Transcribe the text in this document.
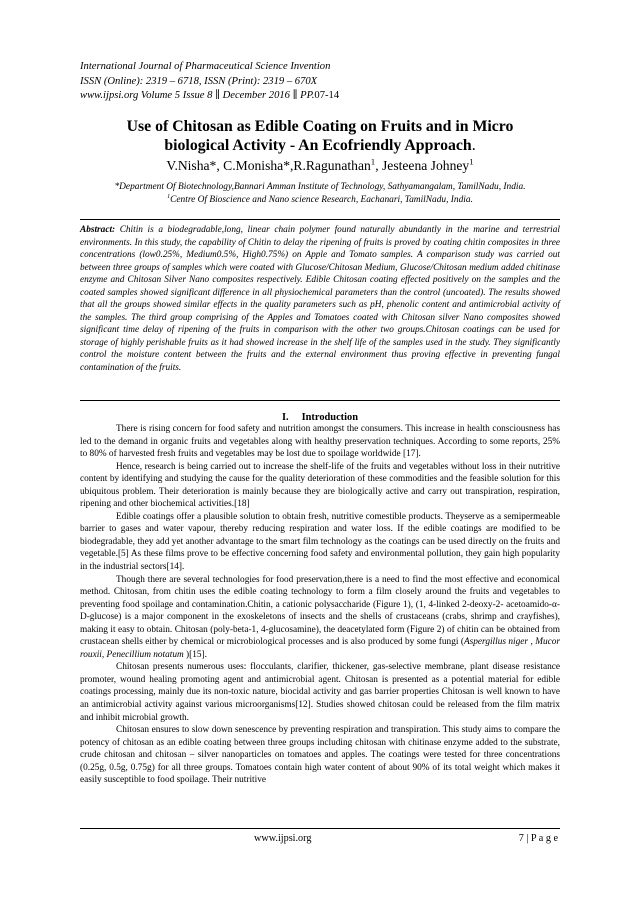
International Journal of Pharmaceutical Science Invention
ISSN (Online): 2319 – 6718, ISSN (Print): 2319 – 670X
www.ijpsi.org Volume 5 Issue 8 ∥ December 2016 ∥ PP.07-14
Use of Chitosan as Edible Coating on Fruits and in Micro
biological Activity - An Ecofriendly Approach.
V.Nisha*, C.Monisha*,R.Ragunathan$^1$, Jesteena Johney$^1$
*Department Of Biotechnology,Bannari Amman Institute of Technology, Sathyamangalam, TamilNadu, India.
$^1$Centre Of Bioscience and Nano science Research, Eachanari, TamilNadu, India.
Abstract: Chitin is a biodegradable,long, linear chain polymer found naturally abundantly in the marine and terrestrial environments. In this study, the capability of Chitin to delay the ripening of fruits is proved by coating chitin composites in three concentrations (low0.25%, Medium0.5%, High0.75%) on Apple and Tomato samples. A comparison study was carried out between three groups of samples which were coated with Glucose/Chitosan Medium, Glucose/Chitosan medium added chitinase enzyme and Chitosan Silver Nano composites respectively. Edible Chitosan coating effected positively on the samples and the coated samples showed significant difference in all physiochemical parameters than the control (uncoated). The results showed that all the groups showed similar effects in the quality parameters such as pH, phenolic content and antimicrobial activity of the samples. The third group comprising of the Apples and Tomatoes coated with Chitosan silver Nano composites showed significant time delay of ripening of the fruits in comparison with the other two groups.Chitosan coatings can be used for storage of highly perishable fruits as it had showed increase in the shelf life of the samples used in the study. They significantly control the moisture content between the fruits and the external environment thus proving effective in preventing fungal contamination of the fruits.
I.  Introduction

There is rising concern for food safety and nutrition amongst the consumers. This increase in health consciousness has led to the demand in organic fruits and vegetables along with healthy preservation techniques. According to some reports, 25% to 80% of harvested fresh fruits and vegetables may be lost due to spoilage worldwide [17].

Hence, research is being carried out to increase the shelf-life of the fruits and vegetables without loss in their nutritive content by identifying and studying the cause for the quality deterioration of these commodities and the feasible solution for this ubiquitous problem. Their deterioration is mainly because they are biologically active and carry out transpiration, respiration, ripening and other biochemical activities.[18]

Edible coatings offer a plausible solution to obtain fresh, nutritive comestible products. Theyserve as a semipermeable barrier to gases and water vapour, thereby reducing respiration and water loss. If the edible coatings are modified to be biodegradable, they add yet another advantage to the smart film technology as the coatings can be used directly on the fruits and vegetable.[5] As these films prove to be effective concerning food safety and environmental pollution, they gain high popularity in the industrial sectors[14].

Though there are several technologies for food preservation,there is a need to find the most effective and economical method. Chitosan, from chitin uses the edible coating technology to form a film closely around the fruits and vegetables to preventing food spoilage and contamination.Chitin, a cationic polysaccharide (Figure 1), (1, 4-linked 2-deoxy-2- acetoamido-α-D-glucose) is a major component in the exoskeletons of insects and the shells of crustaceans (crabs, shrimp and crayfishes), making it easy to obtain. Chitosan (poly-beta-1, 4-glucosamine), the deacetylated form (Figure 2) of chitin can be obtained from crustacean shells either by chemical or microbiological processes and is also produced by some fungi (Aspergillus niger , Mucor rouxii, Penecillium notatum )[15].

Chitosan presents numerous uses: flocculants, clarifier, thickener, gas-selective membrane, plant disease resistance promoter, wound healing promoting agent and antimicrobial agent. Chitosan is presented as a potential material for edible coatings processing, mainly due its non-toxic nature, biocidal activity and gas barrier properties Chitosan is well known to have an antimicrobial activity against various microorganisms[12]. Studies showed chitosan could be released from the film matrix and inhibit microbial growth.

Chitosan ensures to slow down senescence by preventing respiration and transpiration. This study aims to compare the potency of chitosan as an edible coating between three groups including chitosan with chitinase enzyme added to the substrate, crude chitosan and chitosan – silver nanoparticles on tomatoes and apples. The coatings were tested for three concentrations (0.25g, 0.5g, 0.75g) for all three groups. Tomatoes contain high water content of about 90% of its total weight which makes it easily susceptible to food spoilage. Their nutritive

www.ijpsi.org	7 | P a g e
